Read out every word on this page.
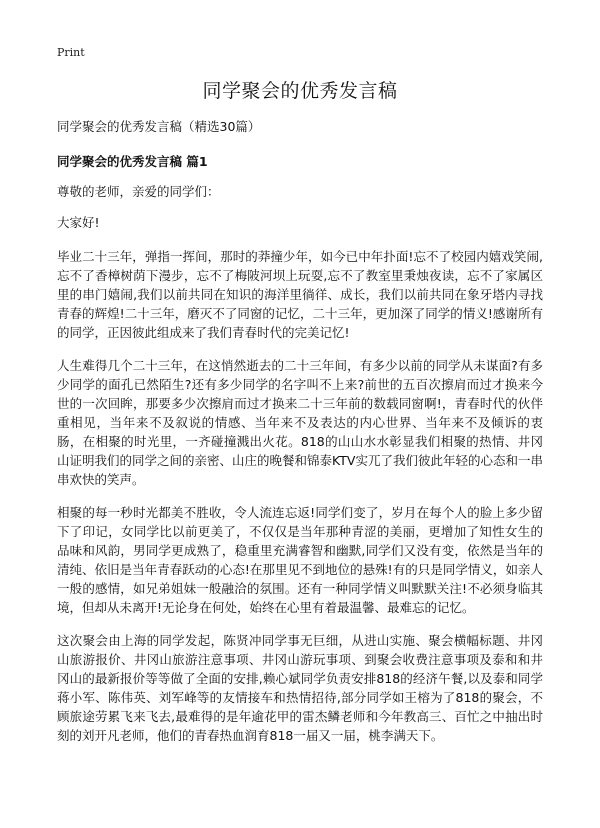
Print
同学聚会的优秀发言稿

同学聚会的优秀发言稿（精选30篇）

同学聚会的优秀发言稿 篇1

尊敬的老师，亲爱的同学们：

大家好!

毕业二十三年，弹指一挥间，那时的莽撞少年，如今已中年扑面!忘不了校园内嬉戏笑闹,忘不了香樟树荫下漫步，忘不了梅陂河坝上玩耍,忘不了教室里秉烛夜读，忘不了家属区里的串门嬉闹,我们以前共同在知识的海洋里徜徉、成长，我们以前共同在象牙塔内寻找青春的辉煌!二十三年，磨灭不了同窗的记忆，二十三年，更加深了同学的情义!感谢所有的同学，正因彼此组成来了我们青春时代的完美记忆!

人生难得几个二十三年，在这悄然逝去的二十三年间，有多少以前的同学从未谋面?有多少同学的面孔已然陌生?还有多少同学的名字叫不上来?前世的五百次擦肩而过才换来今世的一次回眸，那要多少次擦肩而过才换来二十三年前的数载同窗啊!，青春时代的伙伴重相见，当年来不及叙说的情感、当年来不及表达的内心世界、当年来不及倾诉的衷肠，在相聚的时光里，一齐碰撞溅出火花。818的山山水水彰显我们相聚的热情、井冈山证明我们的同学之间的亲密、山庄的晚餐和锦泰KTV实兀了我们彼此年轻的心态和一串串欢快的笑声。

相聚的每一秒时光都美不胜收，令人流连忘返!同学们变了，岁月在每个人的脸上多少留下了印记，女同学比以前更美了，不仅仅是当年那种青涩的美丽，更增加了知性女生的品味和风韵，男同学更成熟了，稳重里充满睿智和幽默,同学们又没有变，依然是当年的清纯、依旧是当年青春跃动的心态!在那里见不到地位的悬殊!有的只是同学情义，如亲人一般的感情，如兄弟姐妹一般融洽的氛围。还有一种同学情义叫默默关注!不必须身临其境，但却从未离开!无论身在何处，始终在心里有着最温馨、最难忘的记忆。

这次聚会由上海的同学发起，陈贤冲同学事无巨细，从进山实施、聚会横幅标题、井冈山旅游报价、井冈山旅游注意事项、井冈山游玩事项、到聚会收费注意事项及泰和和井冈山的最新报价等等做了全面的安排,赖心斌同学负责安排818的经济午餐,以及泰和同学蒋小军、陈伟英、刘军峰等的友情接车和热情招待,部分同学如王榕为了818的聚会，不顾旅途劳累飞来飞去,最难得的是年逾花甲的雷杰鳞老师和今年教高三、百忙之中抽出时刻的刘开凡老师，他们的青春热血润育818一届又一届，桃李满天下。
